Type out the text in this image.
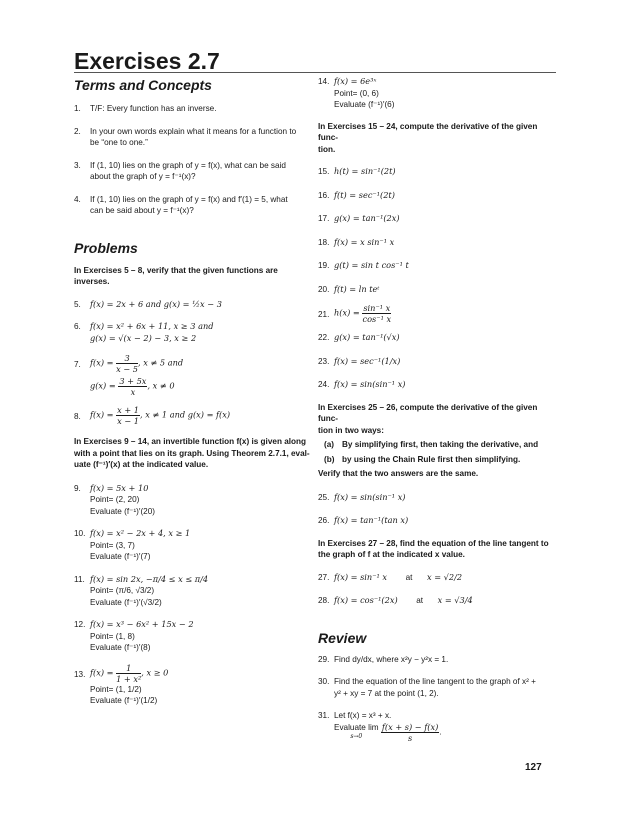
Exercises 2.7
Terms and Concepts
1.	T/F: Every function has an inverse.
2.	In your own words explain what it means for a function to
be “one to one.”
3.	If (1, 10) lies on the graph of y = f(x), what can be said
about the graph of y = f⁻¹(x)?
4.	If (1, 10) lies on the graph of y = f(x) and f′(1) = 5, what
can be said about y = f⁻¹(x)?
Problems

In Exercises 5 – 8, verify that the given functions are inverses.

5.	f(x) = 2x + 6 and g(x) = ½x − 3
6.	f(x) = x² + 6x + 11, x ≥ 3 and
g(x) = √(x − 2) − 3, x ≥ 2
7.	$f(x) = \frac{3}{x - 5}$ , x ≠ 5 and
$g(x) = \frac{3 + 5x}{x}$ , x ≠ 0
8.	$f(x) = \frac{x + 1}{x - 1}$ , x ≠ 1 and g(x) = f(x)
In Exercises 9 – 14, an invertible function f(x) is given along
with a point that lies on its graph. Using Theorem 2.7.1, eval-
uate (f⁻¹)′(x) at the indicated value.
9.	f(x) = 5x + 10
Point= (2, 20)
Evaluate (f⁻¹)′(20)
10. f(x) = x² − 2x + 4, x ≥ 1
Point= (3, 7)
Evaluate (f⁻¹)′(7)
11. f(x) = sin 2x, −π/4 ≤ x ≤ π/4
Point= (π/6, √3/2)
Evaluate (f⁻¹)′(√3/2)
12. f(x) = x³ − 6x² + 15x − 2
Point= (1, 8)
Evaluate (f⁻¹)′(8)
13. $f(x) = \frac{1}{\text{1 + x²}}$ , x ≥ 0
Point= (1, 1/2)
Evaluate (f⁻¹)′(1/2)
14. f(x) = 6e³ˣ
Point= (0, 6)
Evaluate (f⁻¹)′(6)
In Exercises 15 – 24, compute the derivative of the given func-
tion.
15. h(t) = sin⁻¹(2t)
16. f(t) = sec⁻¹(2t)
17. g(x) = tan⁻¹(2x)
18. f(x) = x sin⁻¹ x
19. g(t) = sin t cos⁻¹ t
20. f(t) = ln teᵗ
21. $h(x) = \frac{\text{sin⁻¹ x}}{\text{cos⁻¹ x}}$
22. g(x) = tan⁻¹(√x)
23. f(x) = sec⁻¹(1/x)
24. f(x) = sin(sin⁻¹ x)
In Exercises 25 – 26, compute the derivative of the given func-
tion in two ways:
(a) By simplifying first, then taking the derivative, and
(b) by using the Chain Rule first then simplifying.

Verify that the two answers are the same.

25. f(x) = sin(sin⁻¹ x)
26. f(x) = tan⁻¹(tan x)
In Exercises 27 – 28, find the equation of the line tangent to
the graph of f at the indicated x value.
27. f(x) = sin⁻¹ x at x = √2/2
28. f(x) = cos⁻¹(2x) at x = √3/4
Review
29. Find dy/dx, where x²y − y²x = 1.
30. Find the equation of the line tangent to the graph of x² +
y² + xy = 7 at the point (1, 2).
31. Let f(x) = x³ + x.
Evaluate lim
s→0
	$\frac{f(x + s) - f(x)}{s}$ .
127
